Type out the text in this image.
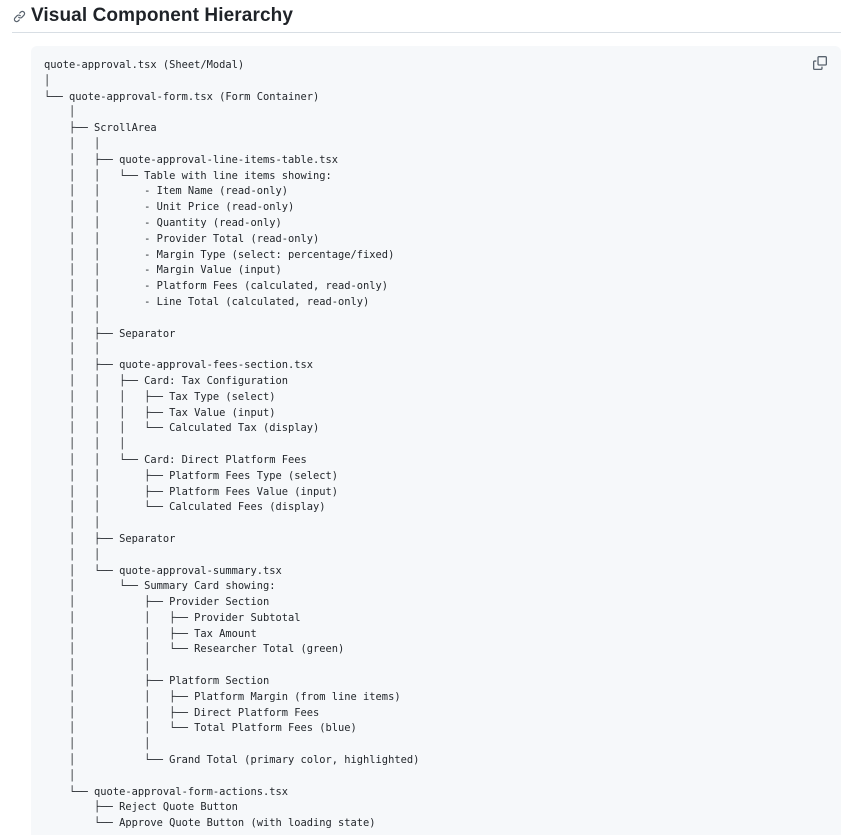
Visual Component Hierarchy
quote-approval.tsx (Sheet/Modal)
│
└── quote-approval-form.tsx (Form Container)
│
├── ScrollArea
│   │
│   ├── quote-approval-line-items-table.tsx
│   │   └── Table with line items showing:
│   │       - Item Name (read-only)
│   │       - Unit Price (read-only)
│   │       - Quantity (read-only)
│   │       - Provider Total (read-only)
│   │       - Margin Type (select: percentage/fixed)
│   │       - Margin Value (input)
│   │       - Platform Fees (calculated, read-only)
│   │       - Line Total (calculated, read-only)
│   │
│   ├── Separator
│   │
│   ├── quote-approval-fees-section.tsx
│   │   ├── Card: Tax Configuration
│   │   │   ├── Tax Type (select)
│   │   │   ├── Tax Value (input)
│   │   │   └── Calculated Tax (display)
│   │   │
│   │   └── Card: Direct Platform Fees
│   │       ├── Platform Fees Type (select)
│   │       ├── Platform Fees Value (input)
│   │       └── Calculated Fees (display)
│   │
│   ├── Separator
│   │
│   └── quote-approval-summary.tsx
│       └── Summary Card showing:
│           ├── Provider Section
│           │   ├── Provider Subtotal
│           │   ├── Tax Amount
│           │   └── Researcher Total (green)
│           │
│           ├── Platform Section
│           │   ├── Platform Margin (from line items)
│           │   ├── Direct Platform Fees
│           │   └── Total Platform Fees (blue)
│           │
│           └── Grand Total (primary color, highlighted)
│
└── quote-approval-form-actions.tsx
├── Reject Quote Button
└── Approve Quote Button (with loading state)
